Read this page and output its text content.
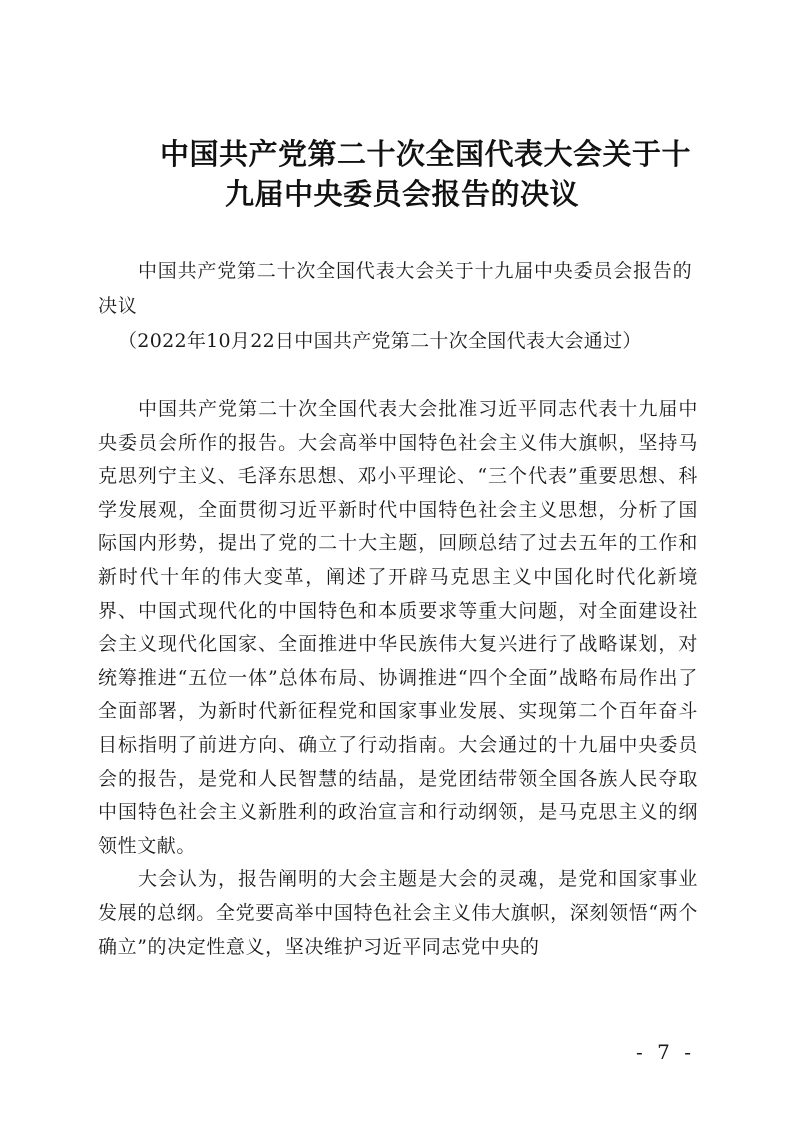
中国共产党第二十次全国代表大会关于十
九届中央委员会报告的决议
中国共产党第二十次全国代表大会关于十九届中央委员会报告的决议
（2022年10月22日中国共产党第二十次全国代表大会通过）

中国共产党第二十次全国代表大会批准习近平同志代表十九届中央委员会所作的报告。大会高举中国特色社会主义伟大旗帜，坚持马克思列宁主义、毛泽东思想、邓小平理论、“三个代表”重要思想、科学发展观，全面贯彻习近平新时代中国特色社会主义思想，分析了国际国内形势，提出了党的二十大主题，回顾总结了过去五年的工作和新时代十年的伟大变革，阐述了开辟马克思主义中国化时代化新境界、中国式现代化的中国特色和本质要求等重大问题，对全面建设社会主义现代化国家、全面推进中华民族伟大复兴进行了战略谋划，对统筹推进“五位一体”总体布局、协调推进“四个全面”战略布局作出了全面部署，为新时代新征程党和国家事业发展、实现第二个百年奋斗目标指明了前进方向、确立了行动指南。大会通过的十九届中央委员会的报告，是党和人民智慧的结晶，是党团结带领全国各族人民夺取中国特色社会主义新胜利的政治宣言和行动纲领，是马克思主义的纲领性文献。

大会认为，报告阐明的大会主题是大会的灵魂，是党和国家事业发展的总纲。全党要高举中国特色社会主义伟大旗帜，深刻领悟“两个确立”的决定性意义，坚决维护习近平同志党中央的

- 7 -
